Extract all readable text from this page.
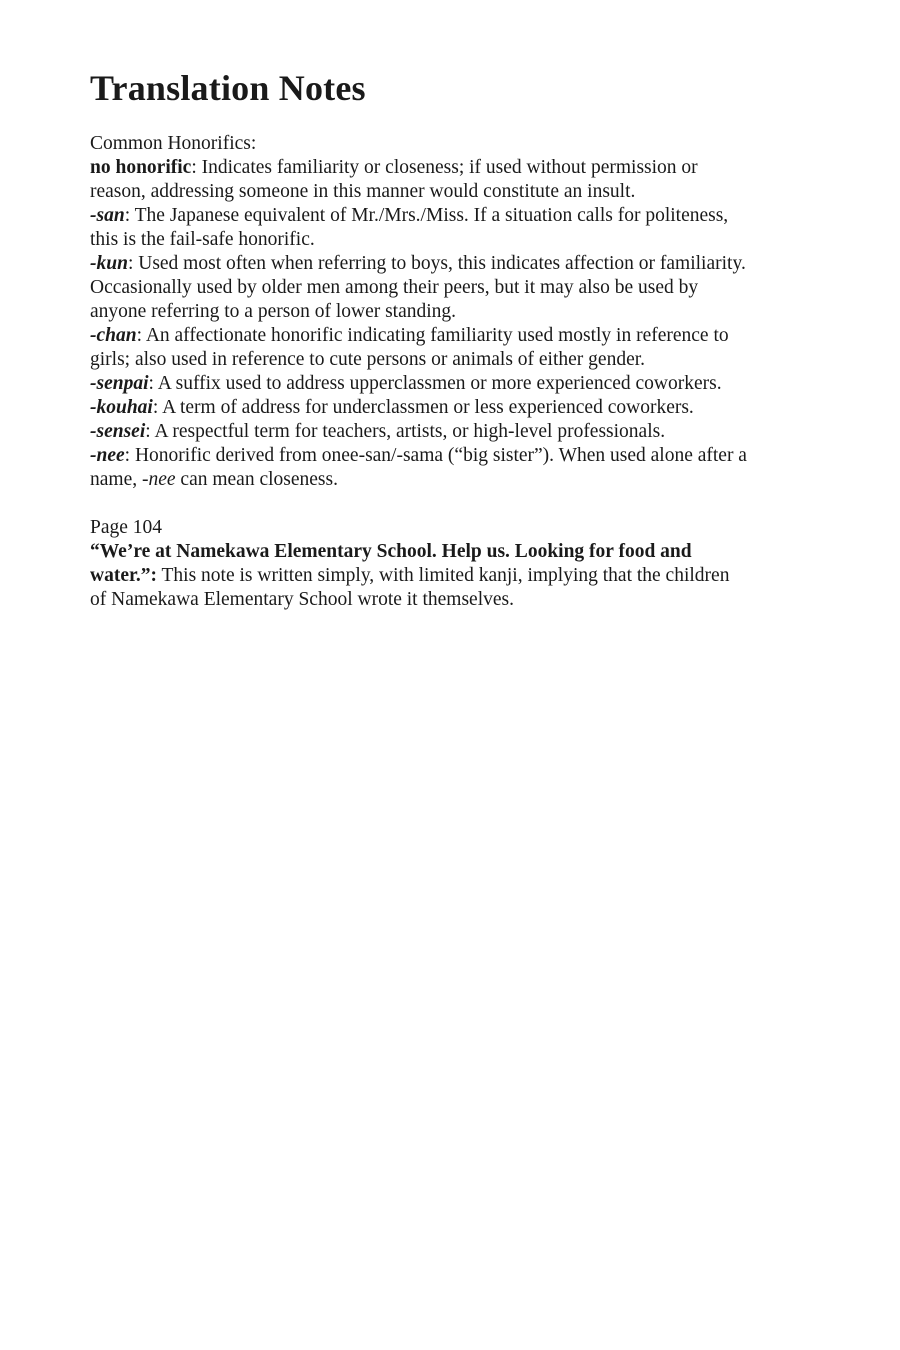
Translation Notes

Common Honorifics:

no honorific: Indicates familiarity or closeness; if used without permission or reason, addressing someone in this manner would constitute an insult.

-san: The Japanese equivalent of Mr./Mrs./Miss. If a situation calls for politeness, this is the fail-safe honorific.

-kun: Used most often when referring to boys, this indicates affection or familiarity. Occasionally used by older men among their peers, but it may also be used by anyone referring to a person of lower standing.

-chan: An affectionate honorific indicating familiarity used mostly in reference to girls; also used in reference to cute persons or animals of either gender.

-senpai: A suffix used to address upperclassmen or more experienced coworkers.

-kouhai: A term of address for underclassmen or less experienced coworkers.

-sensei: A respectful term for teachers, artists, or high-level professionals.

-nee: Honorific derived from onee-san/-sama (“big sister”). When used alone after a name, -nee can mean closeness.

Page 104

“We’re at Namekawa Elementary School. Help us. Looking for food and water.”: This note is written simply, with limited kanji, implying that the children of Namekawa Elementary School wrote it themselves.
